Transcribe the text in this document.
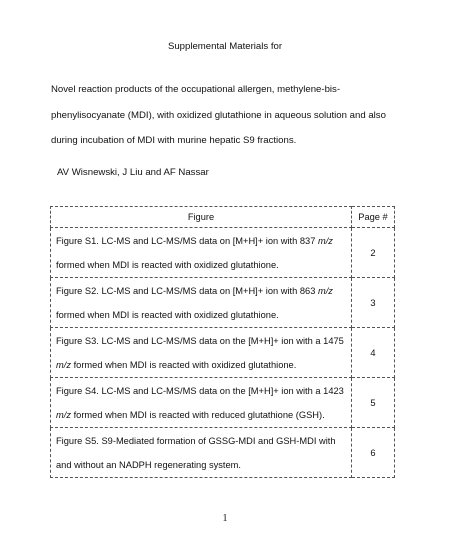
Supplemental Materials for
Novel reaction products of the occupational allergen, methylene-bis-phenylisocyanate (MDI), with oxidized glutathione in aqueous solution and also during incubation of MDI with murine hepatic S9 fractions.
AV Wisnewski, J Liu and AF Nassar
Figure	Page #

Figure S1. LC-MS and LC-MS/MS data on [M+H]+ ion with 837 m/z formed when MDI is reacted with oxidized glutathione.	2

Figure S2. LC-MS and LC-MS/MS data on [M+H]+ ion with 863 m/z formed when MDI is reacted with oxidized glutathione.	3

Figure S3. LC-MS and LC-MS/MS data on the [M+H]+ ion with a 1475 m/z formed when MDI is reacted with oxidized glutathione.	4

Figure S4. LC-MS and LC-MS/MS data on the [M+H]+ ion with a 1423 m/z formed when MDI is reacted with reduced glutathione (GSH).	5

Figure S5. S9-Mediated formation of GSSG-MDI and GSH-MDI with and without an NADPH regenerating system.	6
1
